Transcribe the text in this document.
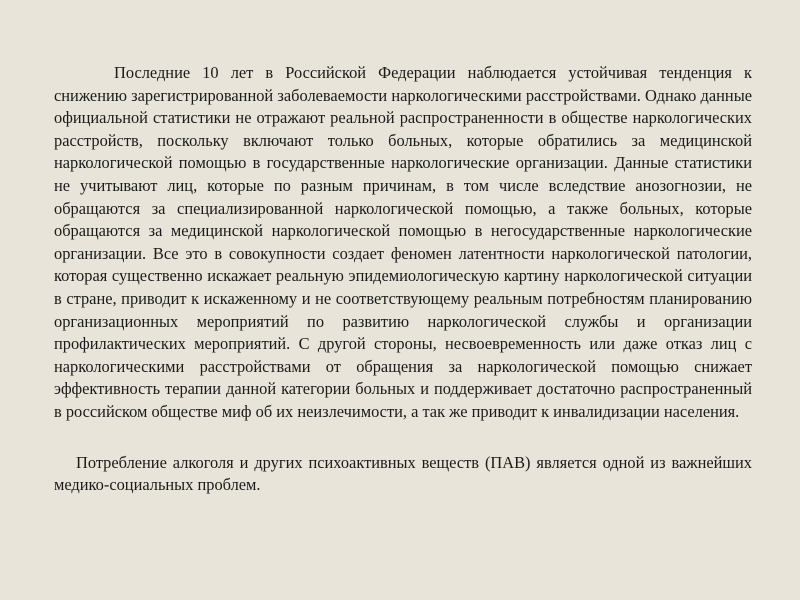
Последние 10 лет в Российской Федерации наблюдается устойчивая тенденция к снижению зарегистрированной заболеваемости наркологическими расстройствами. Однако данные официальной статистики не отражают реальной распространенности в обществе наркологических расстройств, поскольку включают только больных, которые обратились за медицинской наркологической помощью в государственные наркологические организации. Данные статистики не учитывают лиц, которые по разным причинам, в том числе вследствие анозогнозии, не обращаются за специализированной наркологической помощью, а также больных, которые обращаются за медицинской наркологической помощью в негосударственные наркологические организации. Все это в совокупности создает феномен латентности наркологической патологии, которая существенно искажает реальную эпидемиологическую картину наркологической ситуации в стране, приводит к искаженному и не соответствующему реальным потребностям планированию организационных мероприятий по развитию наркологической службы и организации профилактических мероприятий. С другой стороны, несвоевременность или даже отказ лиц с наркологическими расстройствами от обращения за наркологической помощью снижает эффективность терапии данной категории больных и поддерживает достаточно распространенный в российском обществе миф об их неизлечимости, а так же приводит к инвалидизации населения.

Потребление алкоголя и других психоактивных веществ (ПАВ) является одной из важнейших медико-социальных проблем.
